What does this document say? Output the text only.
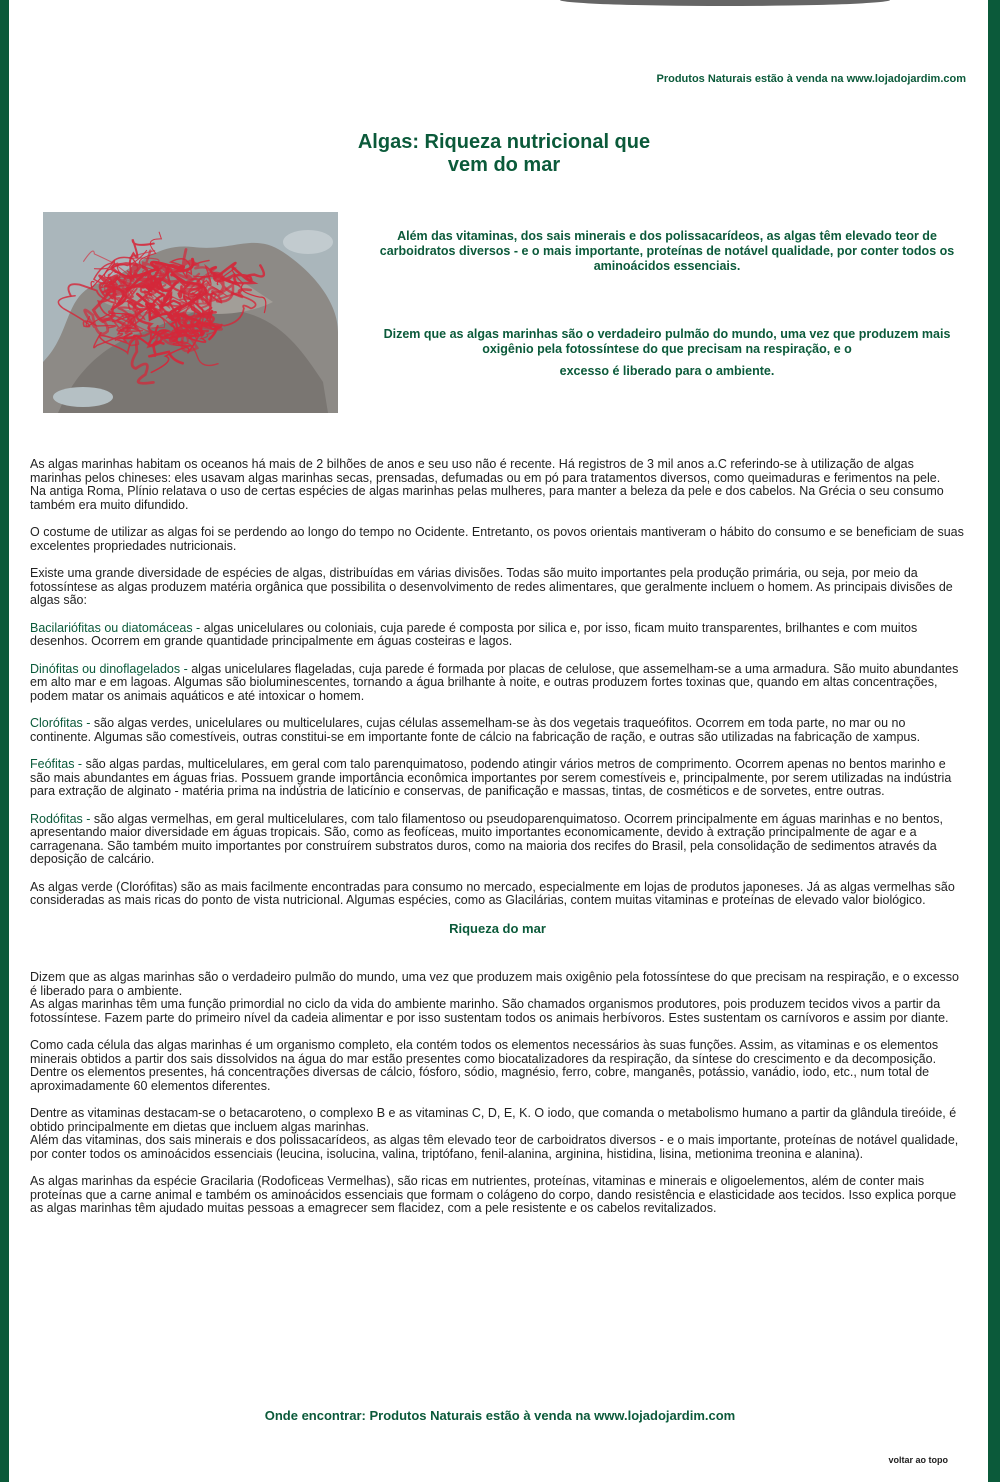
Produtos Naturais estão à venda na www.lojadojardim.com
Algas: Riqueza nutricional que
vem do mar
Além das vitaminas, dos sais minerais e dos polissacarídeos, as algas têm elevado teor de carboidratos diversos - e o mais importante, proteínas de notável qualidade, por conter todos os aminoácidos essenciais.
Dizem que as algas marinhas são o verdadeiro pulmão do mundo, uma vez que produzem mais oxigênio pela fotossíntese do que precisam na respiração, e o
excesso é liberado para o ambiente.

As algas marinhas habitam os oceanos há mais de 2 bilhões de anos e seu uso não é recente. Há registros de 3 mil anos a.C referindo-se à utilização de algas marinhas pelos chineses: eles usavam algas marinhas secas, prensadas, defumadas ou em pó para tratamentos diversos, como queimaduras e ferimentos na pele.
Na antiga Roma, Plínio relatava o uso de certas espécies de algas marinhas pelas mulheres, para manter a beleza da pele e dos cabelos. Na Grécia o seu consumo também era muito difundido.

O costume de utilizar as algas foi se perdendo ao longo do tempo no Ocidente. Entretanto, os povos orientais mantiveram o hábito do consumo e se beneficiam de suas excelentes propriedades nutricionais.

Existe uma grande diversidade de espécies de algas, distribuídas em várias divisões. Todas são muito importantes pela produção primária, ou seja, por meio da fotossíntese as algas produzem matéria orgânica que possibilita o desenvolvimento de redes alimentares, que geralmente incluem o homem. As principais divisões de algas são:

Bacilariófitas ou diatomáceas - algas unicelulares ou coloniais, cuja parede é composta por silica e, por isso, ficam muito transparentes, brilhantes e com muitos desenhos. Ocorrem em grande quantidade principalmente em águas costeiras e lagos.

Dinófitas ou dinoflagelados - algas unicelulares flageladas, cuja parede é formada por placas de celulose, que assemelham-se a uma armadura. São muito abundantes em alto mar e em lagoas. Algumas são bioluminescentes, tornando a água brilhante à noite, e outras produzem fortes toxinas que, quando em altas concentrações, podem matar os animais aquáticos e até intoxicar o homem.

Clorófitas - são algas verdes, unicelulares ou multicelulares, cujas células assemelham-se às dos vegetais traqueófitos. Ocorrem em toda parte, no mar ou no continente. Algumas são comestíveis, outras constitui-se em importante fonte de cálcio na fabricação de ração, e outras são utilizadas na fabricação de xampus.

Feófitas - são algas pardas, multicelulares, em geral com talo parenquimatoso, podendo atingir vários metros de comprimento. Ocorrem apenas no bentos marinho e são mais abundantes em águas frias. Possuem grande importância econômica importantes por serem comestíveis e, principalmente, por serem utilizadas na indústria para extração de alginato - matéria prima na indústria de laticínio e conservas, de panificação e massas, tintas, de cosméticos e de sorvetes, entre outras.

Rodófitas - são algas vermelhas, em geral multicelulares, com talo filamentoso ou pseudoparenquimatoso. Ocorrem principalmente em águas marinhas e no bentos, apresentando maior diversidade em águas tropicais. São, como as feofíceas, muito importantes economicamente, devido à extração principalmente de agar e a carragenana. São também muito importantes por construírem substratos duros, como na maioria dos recifes do Brasil, pela consolidação de sedimentos através da deposição de calcário.

As algas verde (Clorófitas) são as mais facilmente encontradas para consumo no mercado, especialmente em lojas de produtos japoneses. Já as algas vermelhas são consideradas as mais ricas do ponto de vista nutricional. Algumas espécies, como as Glacilárias, contem muitas vitaminas e proteínas de elevado valor biológico.

Riqueza do mar

Dizem que as algas marinhas são o verdadeiro pulmão do mundo, uma vez que produzem mais oxigênio pela fotossíntese do que precisam na respiração, e o excesso é liberado para o ambiente.
As algas marinhas têm uma função primordial no ciclo da vida do ambiente marinho. São chamados organismos produtores, pois produzem tecidos vivos a partir da fotossíntese. Fazem parte do primeiro nível da cadeia alimentar e por isso sustentam todos os animais herbívoros. Estes sustentam os carnívoros e assim por diante.

Como cada célula das algas marinhas é um organismo completo, ela contém todos os elementos necessários às suas funções. Assim, as vitaminas e os elementos minerais obtidos a partir dos sais dissolvidos na água do mar estão presentes como biocatalizadores da respiração, da síntese do crescimento e da decomposição. Dentre os elementos presentes, há concentrações diversas de cálcio, fósforo, sódio, magnésio, ferro, cobre, manganês, potássio, vanádio, iodo, etc., num total de aproximadamente 60 elementos diferentes.

Dentre as vitaminas destacam-se o betacaroteno, o complexo B e as vitaminas C, D, E, K. O iodo, que comanda o metabolismo humano a partir da glândula tireóide, é obtido principalmente em dietas que incluem algas marinhas.
Além das vitaminas, dos sais minerais e dos polissacarídeos, as algas têm elevado teor de carboidratos diversos - e o mais importante, proteínas de notável qualidade, por conter todos os aminoácidos essenciais (leucina, isolucina, valina, triptófano, fenil-alanina, arginina, histidina, lisina, metionima treonina e alanina).

As algas marinhas da espécie Gracilaria (Rodoficeas Vermelhas), são ricas em nutrientes, proteínas, vitaminas e minerais e oligoelementos, além de conter mais proteínas que a carne animal e também os aminoácidos essenciais que formam o colágeno do corpo, dando resistência e elasticidade aos tecidos. Isso explica porque as algas marinhas têm ajudado muitas pessoas a emagrecer sem flacidez, com a pele resistente e os cabelos revitalizados.

Onde encontrar: Produtos Naturais estão à venda na www.lojadojardim.com
voltar ao topo
